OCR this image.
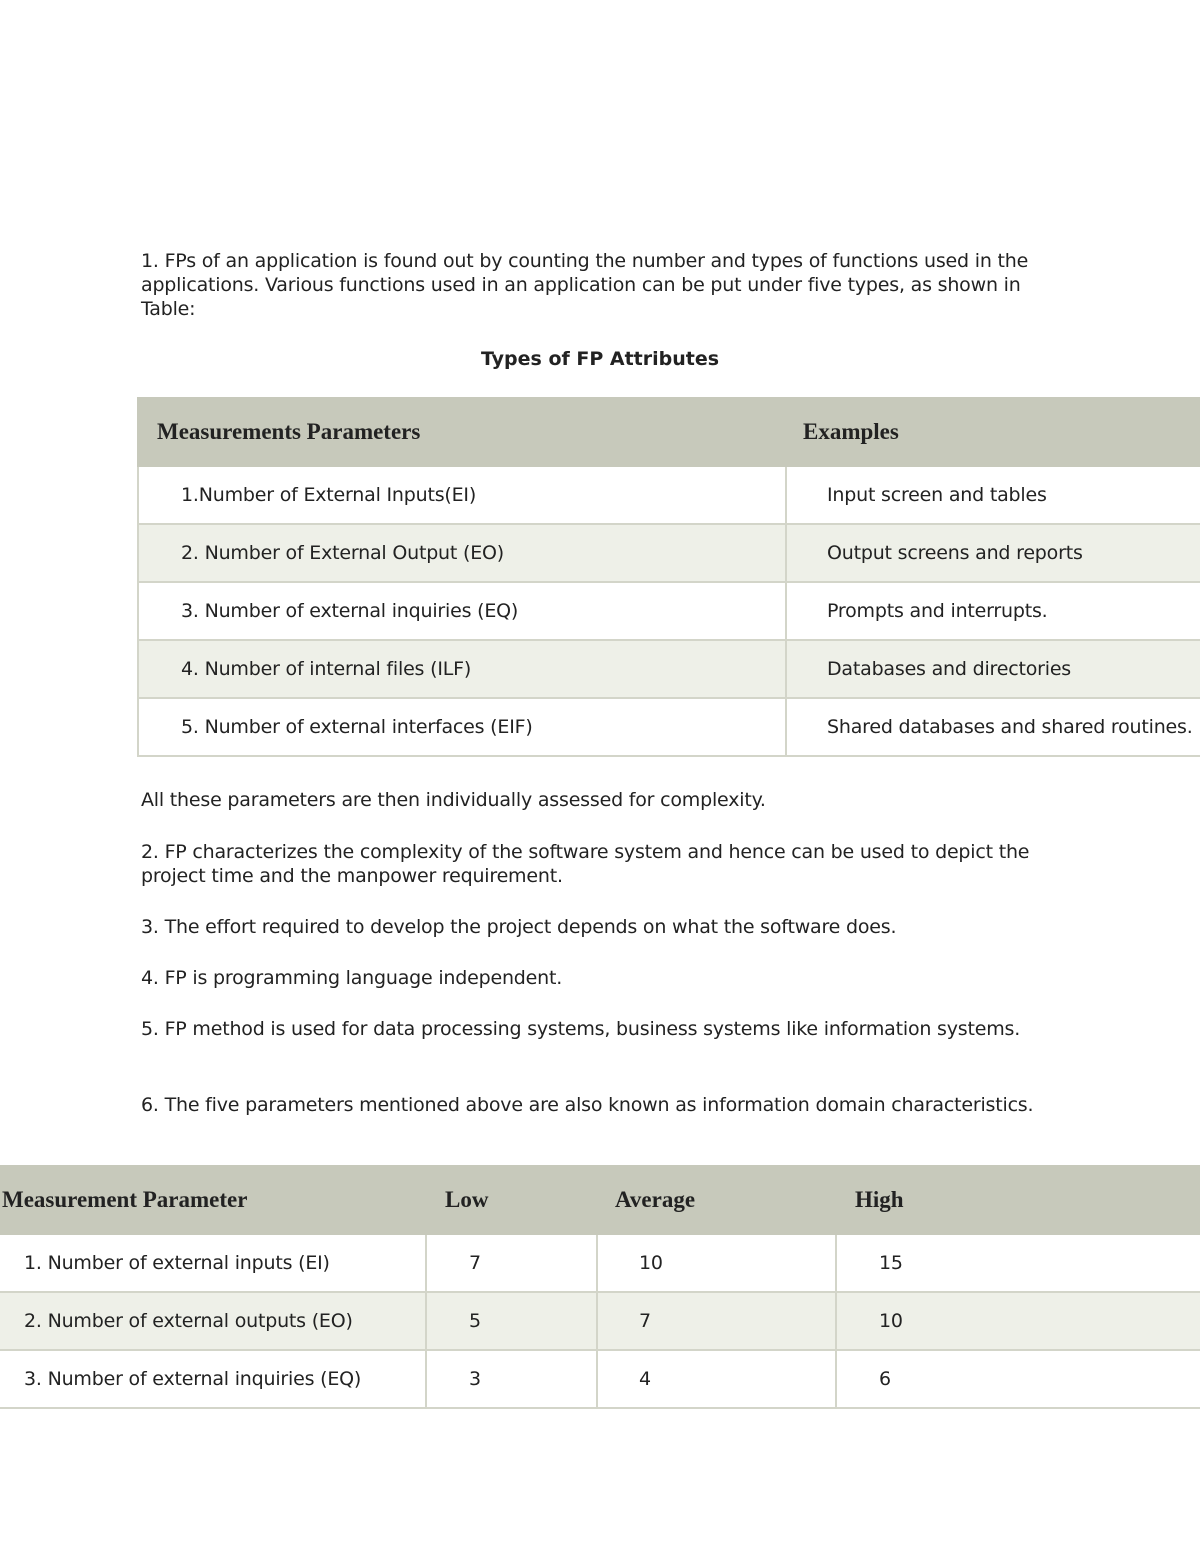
1. FPs of an application is found out by counting the number and types of functions used in the applications. Various functions used in an application can be put under five types, as shown in Table:

Types of FP Attributes

Measurements Parameters	Examples
1.Number of External Inputs(EI)	Input screen and tables
2. Number of External Output (EO)	Output screens and reports
3. Number of external inquiries (EQ)	Prompts and interrupts.
4. Number of internal files (ILF)	Databases and directories
5. Number of external interfaces (EIF)	Shared databases and shared routines.

All these parameters are then individually assessed for complexity.

2. FP characterizes the complexity of the software system and hence can be used to depict the project time and the manpower requirement.

3. The effort required to develop the project depends on what the software does.

4. FP is programming language independent.

5. FP method is used for data processing systems, business systems like information systems.

6. The five parameters mentioned above are also known as information domain characteristics.

Measurement Parameter	Low	Average	High
1. Number of external inputs (EI)	7	10	15
2. Number of external outputs (EO)	5	7	10
3. Number of external inquiries (EQ)	3	4	6
